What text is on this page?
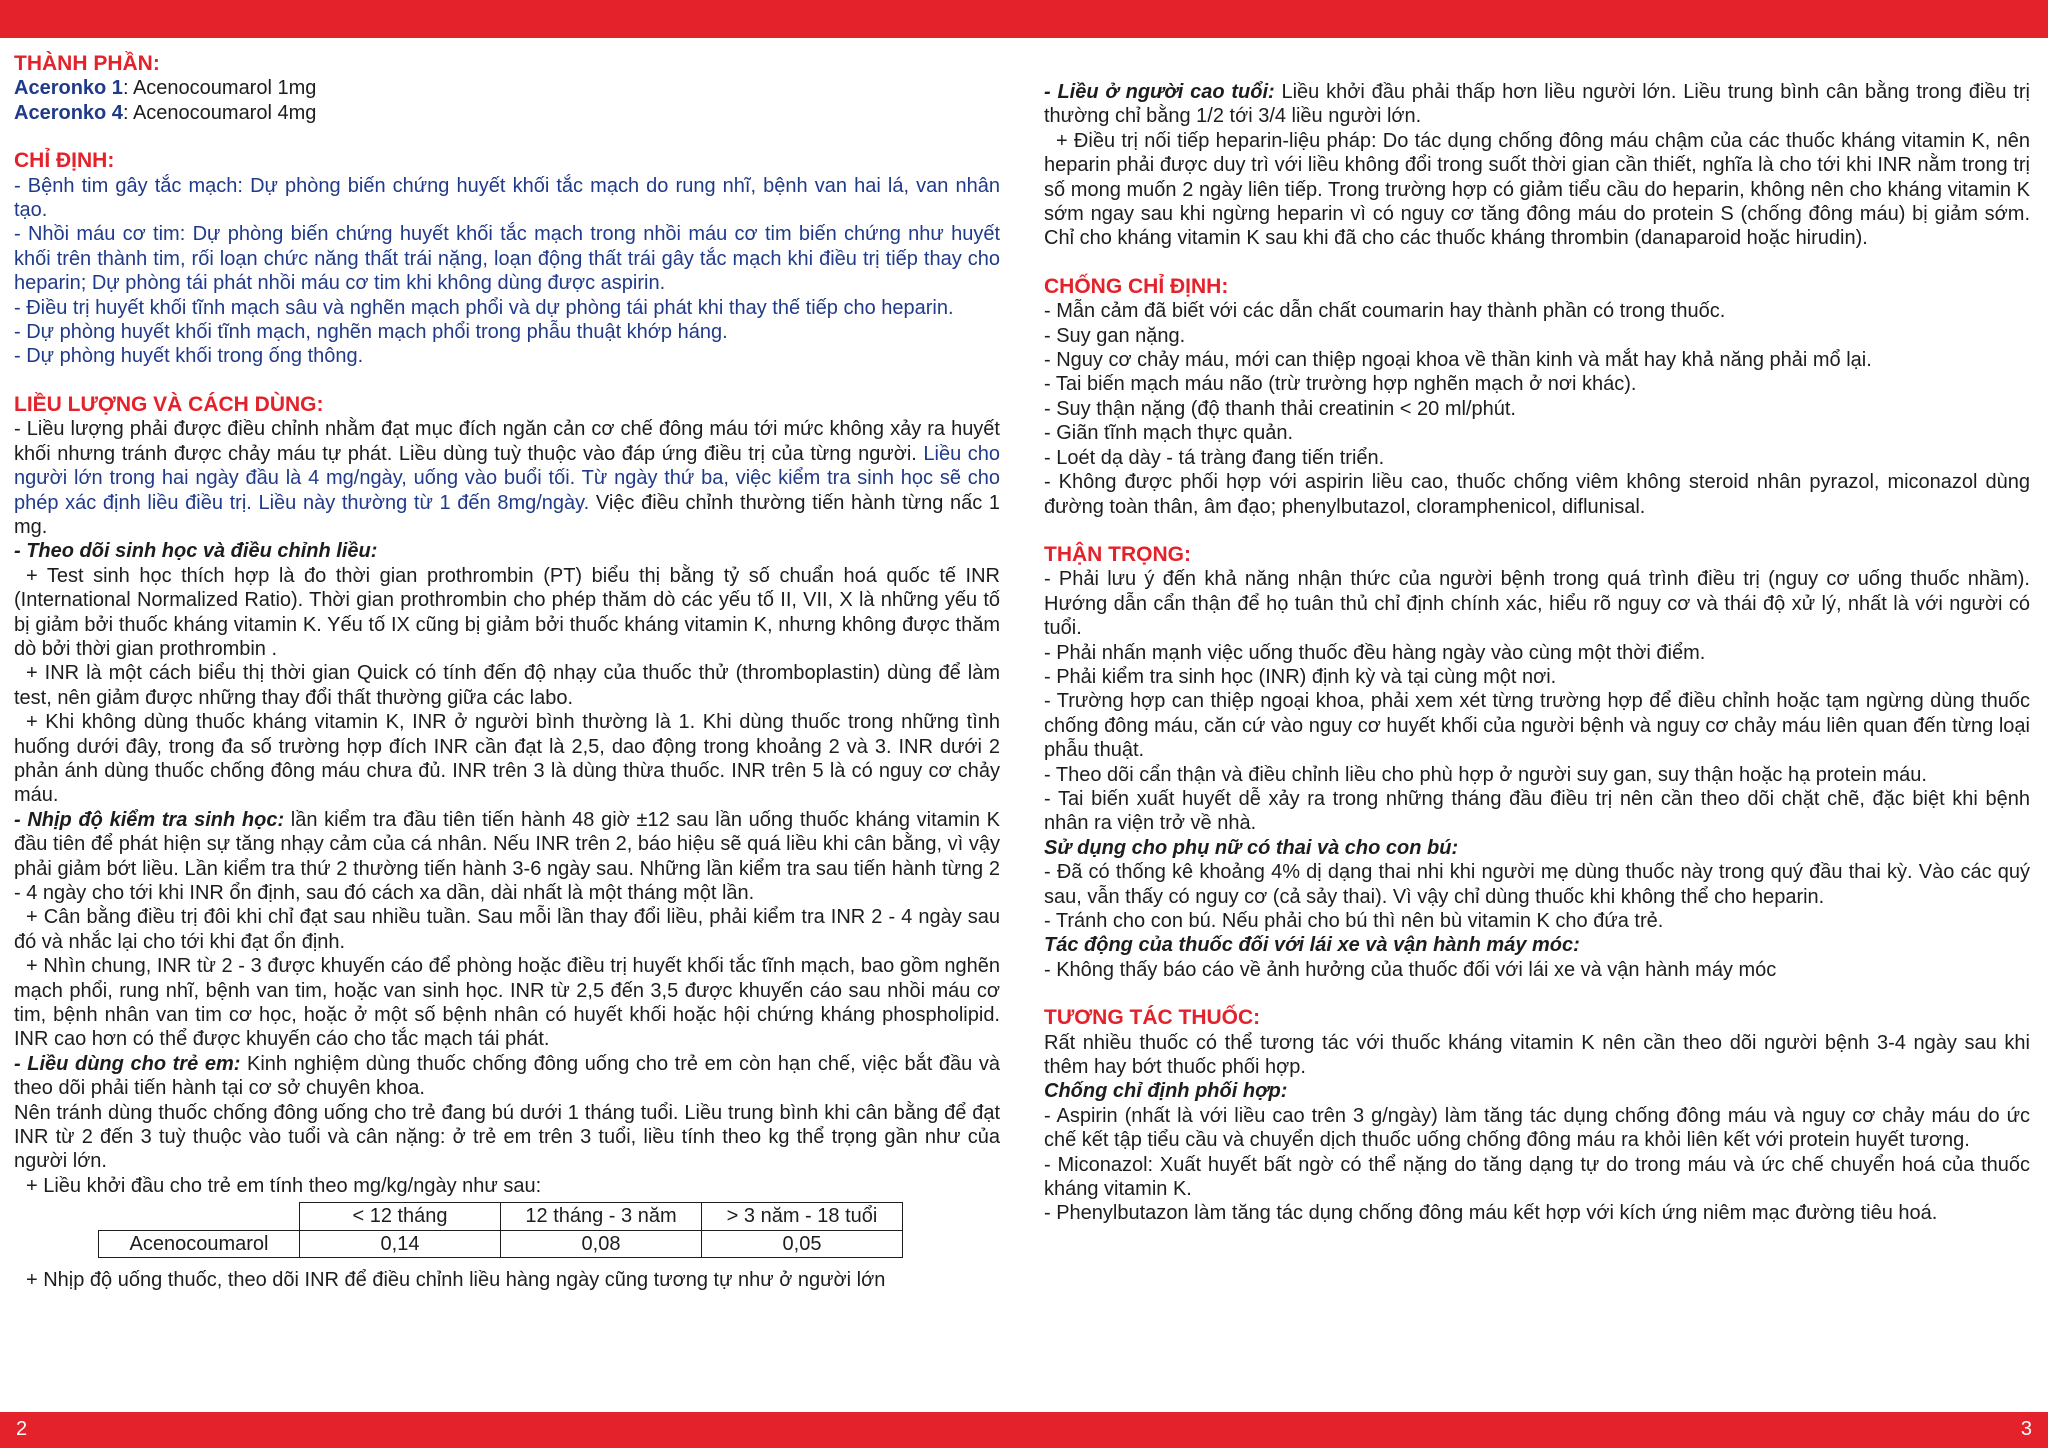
THÀNH PHẦN:

Aceronko 1: Acenocoumarol 1mg

Aceronko 4: Acenocoumarol 4mg

CHỈ ĐỊNH:

- Bệnh tim gây tắc mạch: Dự phòng biến chứng huyết khối tắc mạch do rung nhĩ, bệnh van hai lá, van nhân tạo.

- Nhồi máu cơ tim: Dự phòng biến chứng huyết khối tắc mạch trong nhồi máu cơ tim biến chứng như huyết khối trên thành tim, rối loạn chức năng thất trái nặng, loạn động thất trái gây tắc mạch khi điều trị tiếp thay cho heparin; Dự phòng tái phát nhồi máu cơ tim khi không dùng được aspirin.

- Điều trị huyết khối tĩnh mạch sâu và nghẽn mạch phổi và dự phòng tái phát khi thay thế tiếp cho heparin.

- Dự phòng huyết khối tĩnh mạch, nghẽn mạch phổi trong phẫu thuật khớp háng.

- Dự phòng huyết khối trong ống thông.

LIỀU LƯỢNG VÀ CÁCH DÙNG:

- Liều lượng phải được điều chỉnh nhằm đạt mục đích ngăn cản cơ chế đông máu tới mức không xảy ra huyết khối nhưng tránh được chảy máu tự phát. Liều dùng tuỳ thuộc vào đáp ứng điều trị của từng người. Liều cho người lớn trong hai ngày đầu là 4 mg/ngày, uống vào buổi tối. Từ ngày thứ ba, việc kiểm tra sinh học sẽ cho phép xác định liều điều trị. Liều này thường từ 1 đến 8mg/ngày. Việc điều chỉnh thường tiến hành từng nấc 1 mg.

- Theo dõi sinh học và điều chỉnh liều:

+ Test sinh học thích hợp là đo thời gian prothrombin (PT) biểu thị bằng tỷ số chuẩn hoá quốc tế INR (International Normalized Ratio). Thời gian prothrombin cho phép thăm dò các yếu tố II, VII, X là những yếu tố bị giảm bởi thuốc kháng vitamin K. Yếu tố IX cũng bị giảm bởi thuốc kháng vitamin K, nhưng không được thăm dò bởi thời gian prothrombin .

+ INR là một cách biểu thị thời gian Quick có tính đến độ nhạy của thuốc thử (thromboplastin) dùng để làm test, nên giảm được những thay đổi thất thường giữa các labo.

+ Khi không dùng thuốc kháng vitamin K, INR ở người bình thường là 1. Khi dùng thuốc trong những tình huống dưới đây, trong đa số trường hợp đích INR cần đạt là 2,5, dao động trong khoảng 2 và 3. INR dưới 2 phản ánh dùng thuốc chống đông máu chưa đủ. INR trên 3 là dùng thừa thuốc. INR trên 5 là có nguy cơ chảy máu.

- Nhịp độ kiểm tra sinh học: lần kiểm tra đầu tiên tiến hành 48 giờ ±12 sau lần uống thuốc kháng vitamin K đầu tiên để phát hiện sự tăng nhạy cảm của cá nhân. Nếu INR trên 2, báo hiệu sẽ quá liều khi cân bằng, vì vậy phải giảm bớt liều. Lần kiểm tra thứ 2 thường tiến hành 3-6 ngày sau. Những lần kiểm tra sau tiến hành từng 2 - 4 ngày cho tới khi INR ổn định, sau đó cách xa dần, dài nhất là một tháng một lần.

+ Cân bằng điều trị đôi khi chỉ đạt sau nhiều tuần. Sau mỗi lần thay đổi liều, phải kiểm tra INR 2 - 4 ngày sau đó và nhắc lại cho tới khi đạt ổn định.

+ Nhìn chung, INR từ 2 - 3 được khuyến cáo để phòng hoặc điều trị huyết khối tắc tĩnh mạch, bao gồm nghẽn mạch phổi, rung nhĩ, bệnh van tim, hoặc van sinh học. INR từ 2,5 đến 3,5 được khuyến cáo sau nhồi máu cơ tim, bệnh nhân van tim cơ học, hoặc ở một số bệnh nhân có huyết khối hoặc hội chứng kháng phospholipid. INR cao hơn có thể được khuyến cáo cho tắc mạch tái phát.

- Liều dùng cho trẻ em: Kinh nghiệm dùng thuốc chống đông uống cho trẻ em còn hạn chế, việc bắt đầu và theo dõi phải tiến hành tại cơ sở chuyên khoa.

Nên tránh dùng thuốc chống đông uống cho trẻ đang bú dưới 1 tháng tuổi. Liều trung bình khi cân bằng để đạt INR từ 2 đến 3 tuỳ thuộc vào tuổi và cân nặng: ở trẻ em trên 3 tuổi, liều tính theo kg thể trọng gần như của người lớn.

+ Liều khởi đầu cho trẻ em tính theo mg/kg/ngày như sau:

	< 12 tháng	12 tháng - 3 năm	> 3 năm - 18 tuổi
Acenocoumarol	0,14	0,08	0,05

+ Nhịp độ uống thuốc, theo dõi INR để điều chỉnh liều hàng ngày cũng tương tự như ở người lớn

- Liều ở người cao tuổi: Liều khởi đầu phải thấp hơn liều người lớn. Liều trung bình cân bằng trong điều trị thường chỉ bằng 1/2 tới 3/4 liều người lớn.

+ Điều trị nối tiếp heparin-liệu pháp: Do tác dụng chống đông máu chậm của các thuốc kháng vitamin K, nên heparin phải được duy trì với liều không đổi trong suốt thời gian cần thiết, nghĩa là cho tới khi INR nằm trong trị số mong muốn 2 ngày liên tiếp. Trong trường hợp có giảm tiểu cầu do heparin, không nên cho kháng vitamin K sớm ngay sau khi ngừng heparin vì có nguy cơ tăng đông máu do protein S (chống đông máu) bị giảm sớm. Chỉ cho kháng vitamin K sau khi đã cho các thuốc kháng thrombin (danaparoid hoặc hirudin).

CHỐNG CHỈ ĐỊNH:

- Mẫn cảm đã biết với các dẫn chất coumarin hay thành phần có trong thuốc.

- Suy gan nặng.

- Nguy cơ chảy máu, mới can thiệp ngoại khoa về thần kinh và mắt hay khả năng phải mổ lại.

- Tai biến mạch máu não (trừ trường hợp nghẽn mạch ở nơi khác).

- Suy thận nặng (độ thanh thải creatinin < 20 ml/phút.

- Giãn tĩnh mạch thực quản.

- Loét dạ dày - tá tràng đang tiến triển.

- Không được phối hợp với aspirin liều cao, thuốc chống viêm không steroid nhân pyrazol, miconazol dùng đường toàn thân, âm đạo; phenylbutazol, cloramphenicol, diflunisal.

THẬN TRỌNG:

- Phải lưu ý đến khả năng nhận thức của người bệnh trong quá trình điều trị (nguy cơ uống thuốc nhầm). Hướng dẫn cẩn thận để họ tuân thủ chỉ định chính xác, hiểu rõ nguy cơ và thái độ xử lý, nhất là với người có tuổi.

- Phải nhấn mạnh việc uống thuốc đều hàng ngày vào cùng một thời điểm.

- Phải kiểm tra sinh học (INR) định kỳ và tại cùng một nơi.

- Trường hợp can thiệp ngoại khoa, phải xem xét từng trường hợp để điều chỉnh hoặc tạm ngừng dùng thuốc chống đông máu, căn cứ vào nguy cơ huyết khối của người bệnh và nguy cơ chảy máu liên quan đến từng loại phẫu thuật.

- Theo dõi cẩn thận và điều chỉnh liều cho phù hợp ở người suy gan, suy thận hoặc hạ protein máu.

- Tai biến xuất huyết dễ xảy ra trong những tháng đầu điều trị nên cần theo dõi chặt chẽ, đặc biệt khi bệnh nhân ra viện trở về nhà.

Sử dụng cho phụ nữ có thai và cho con bú:

- Đã có thống kê khoảng 4% dị dạng thai nhi khi người mẹ dùng thuốc này trong quý đầu thai kỳ. Vào các quý sau, vẫn thấy có nguy cơ (cả sảy thai). Vì vậy chỉ dùng thuốc khi không thể cho heparin.

- Tránh cho con bú. Nếu phải cho bú thì nên bù vitamin K cho đứa trẻ.

Tác động của thuốc đối với lái xe và vận hành máy móc:

- Không thấy báo cáo về ảnh hưởng của thuốc đối với lái xe và vận hành máy móc

TƯƠNG TÁC THUỐC:

Rất nhiều thuốc có thể tương tác với thuốc kháng vitamin K nên cần theo dõi người bệnh 3-4 ngày sau khi thêm hay bớt thuốc phối hợp.

Chống chỉ định phối hợp:

- Aspirin (nhất là với liều cao trên 3 g/ngày) làm tăng tác dụng chống đông máu và nguy cơ chảy máu do ức chế kết tập tiểu cầu và chuyển dịch thuốc uống chống đông máu ra khỏi liên kết với protein huyết tương.

- Miconazol: Xuất huyết bất ngờ có thể nặng do tăng dạng tự do trong máu và ức chế chuyển hoá của thuốc kháng vitamin K.

- Phenylbutazon làm tăng tác dụng chống đông máu kết hợp với kích ứng niêm mạc đường tiêu hoá.

2	3
